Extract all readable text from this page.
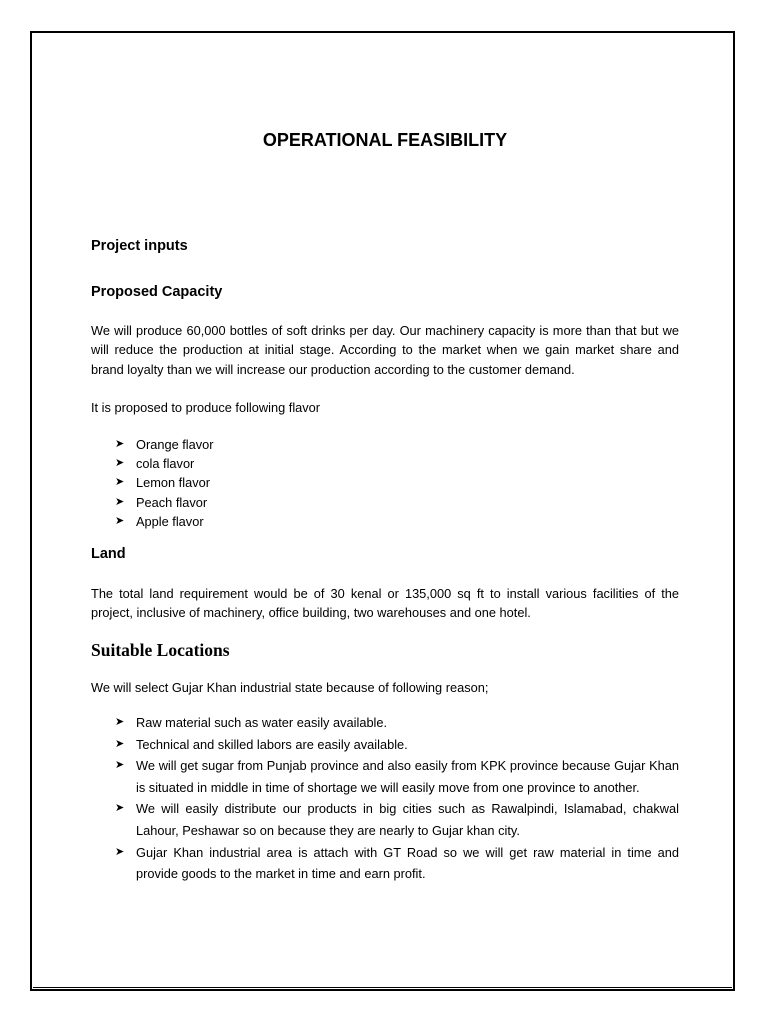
OPERATIONAL FEASIBILITY
Project inputs
Proposed Capacity

We will produce 60,000 bottles of soft drinks per day. Our machinery capacity is more than that but we will reduce the production at initial stage. According to the market when we gain market share and brand loyalty than we will increase our production according to the customer demand.

It is proposed to produce following flavor

➤ Orange flavor
➤ cola flavor
➤ Lemon flavor
➤ Peach flavor
➤ Apple flavor
Land

The total land requirement would be of 30 kenal or 135,000 sq ft to install various facilities of the project, inclusive of machinery, office building, two warehouses and one hotel.

Suitable Locations

We will select Gujar Khan industrial state because of following reason;

➤ Raw material such as water easily available.
➤ Technical and skilled labors are easily available.
➤ We will get sugar from Punjab province and also easily from KPK province because Gujar Khan is situated in middle in time of shortage we will easily move from one province to another.
➤ We will easily distribute our products in big cities such as Rawalpindi, Islamabad, chakwal Lahour, Peshawar so on because they are nearly to Gujar khan city.
➤ Gujar Khan industrial area is attach with GT Road so we will get raw material in time and provide goods to the market in time and earn profit.
